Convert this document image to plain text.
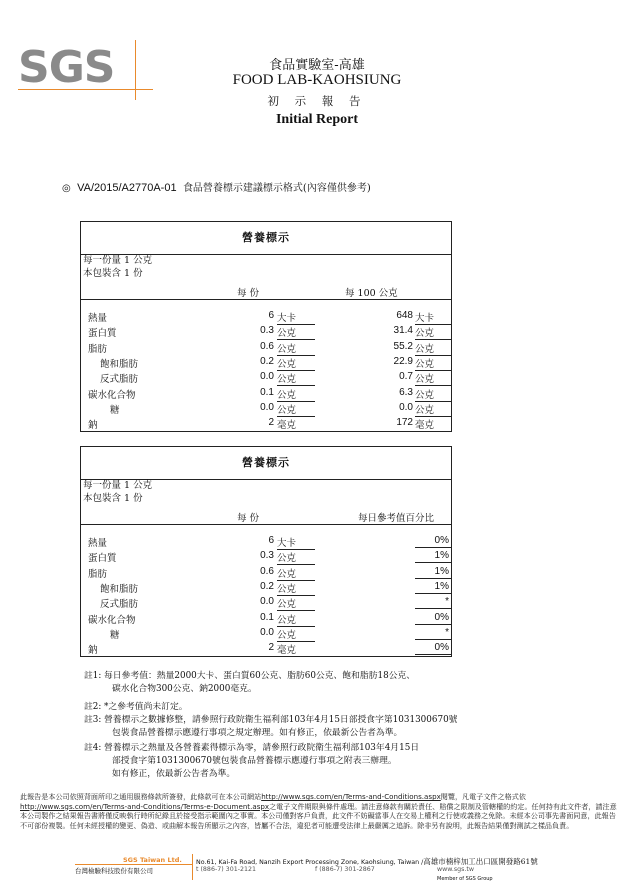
SGS	食品實驗室-高雄
FOOD LAB-KAOHSIUNG
初 示 報 告
Initial Report
◎ VA/2015/A2770A-01 食品營養標示建議標示格式(內容僅供參考)
營養標示
每一份量 1 公克
本包裝含 1 份
每 份	每 100 公克
熱量	6 大卡	648 大卡
蛋白質	0.3 公克	31.4 公克
脂肪	0.6 公克	55.2 公克
飽和脂肪	0.2 公克	22.9 公克
反式脂肪	0.0 公克	0.7 公克
碳水化合物	0.1 公克	6.3 公克
糖	0.0 公克	0.0 公克
鈉	2 毫克	172 毫克
營養標示
每一份量 1 公克
本包裝含 1 份
每 份	每日參考值百分比
熱量	6 大卡	0%
蛋白質	0.3 公克	1%
脂肪	0.6 公克	1%
飽和脂肪	0.2 公克	1%
反式脂肪	0.0 公克	*
碳水化合物	0.1 公克	0%
糖	0.0 公克	*
鈉	2 毫克	0%
註1: 每日參考值：熱量2000大卡、蛋白質60公克、脂肪60公克、飽和脂肪18公克、
碳水化合物300公克、鈉2000毫克。
註2: *之參考值尚未訂定。
註3: 營養標示之數據修整，請參照行政院衛生福利部103年4月15日部授食字第1031300670號
包裝食品營養標示應遵行事項之規定辦理。如有修正，依最新公告者為準。
註4: 營養標示之熱量及各營養素得標示為零，請參照行政院衛生福利部103年4月15日
部授食字第1031300670號包裝食品營養標示應遵行事項之附表三辦理。
如有修正，依最新公告者為準。

此報告是本公司依照背面所印之通用服務條款所簽發，此條款可在本公司網站http://www.sgs.com/en/Terms-and-Conditions.aspx閱覽，凡電子文件之格式依http://www.sgs.com/en/Terms-and-Conditions/Terms-e-Document.aspx之電子文件期限與條件處理。請注意條款有關於責任、賠償之限制及管轄權的約定。任何持有此文件者，請注意本公司製作之結果報告書將僅反映執行時所紀錄且於接受指示範圍內之事實。本公司僅對客戶負責，此文件不妨礙當事人在交易上權利之行使或義務之免除。未經本公司事先書面同意，此報告不可部份複製。任何未經授權的變更、偽造、或曲解本報告所顯示之內容，皆屬不合法，違犯者可能遭受法律上最嚴厲之追訴。除非另有說明，此報告結果僅對測試之樣品負責。

SGS Taiwan Ltd.
台灣檢驗科技股份有限公司
No.61, Kai-Fa Road, Nanzih Export Processing Zone, Kaohsiung, Taiwan /高雄市楠梓加工出口區開發路61號
t (886-7) 301-2121	f (886-7) 301-2867	www.sgs.tw
Member of SGS Group
